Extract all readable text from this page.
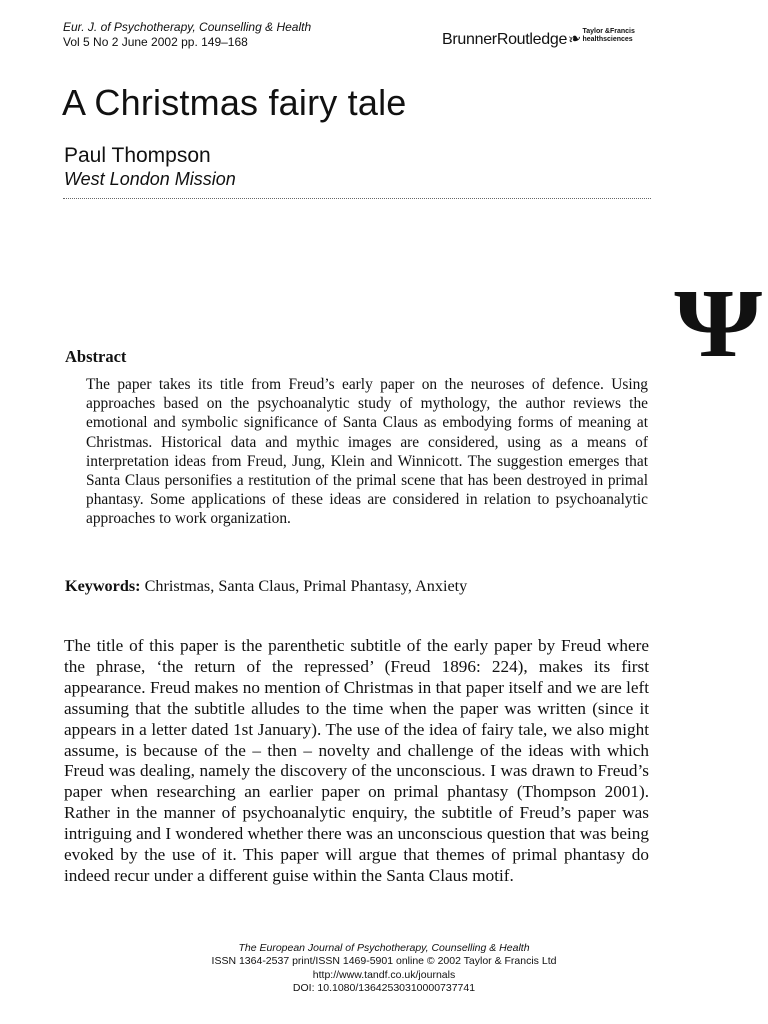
Eur. J. of Psychotherapy, Counselling & Health
Vol 5 No 2 June 2002 pp. 149–168	BrunnerRoutledge❧Taylor &Francis
healthsciences
A Christmas fairy tale
Paul Thompson
West London Mission
Ψ
Abstract

The paper takes its title from Freud’s early paper on the neuroses of defence. Using approaches based on the psychoanalytic study of mythology, the author reviews the emotional and symbolic significance of Santa Claus as embodying forms of meaning at Christmas. Historical data and mythic images are considered, using as a means of interpretation ideas from Freud, Jung, Klein and Winnicott. The suggestion emerges that Santa Claus personifies a restitution of the primal scene that has been destroyed in primal phantasy. Some applications of these ideas are considered in relation to psychoanalytic approaches to work organization.

Keywords: Christmas, Santa Claus, Primal Phantasy, Anxiety

The title of this paper is the parenthetic subtitle of the early paper by Freud where the phrase, ‘the return of the repressed’ (Freud 1896: 224), makes its first appearance. Freud makes no mention of Christmas in that paper itself and we are left assuming that the subtitle alludes to the time when the paper was written (since it appears in a letter dated 1st January). The use of the idea of fairy tale, we also might assume, is because of the – then – novelty and challenge of the ideas with which Freud was dealing, namely the discovery of the unconscious. I was drawn to Freud’s paper when researching an earlier paper on primal phantasy (Thompson 2001). Rather in the manner of psychoanalytic enquiry, the subtitle of Freud’s paper was intriguing and I wondered whether there was an unconscious question that was being evoked by the use of it. This paper will argue that themes of primal phantasy do indeed recur under a different guise within the Santa Claus motif.

The European Journal of Psychotherapy, Counselling & Health
ISSN 1364-2537 print/ISSN 1469-5901 online © 2002 Taylor & Francis Ltd
http://www.tandf.co.uk/journals
DOI: 10.1080/13642530310000737741
